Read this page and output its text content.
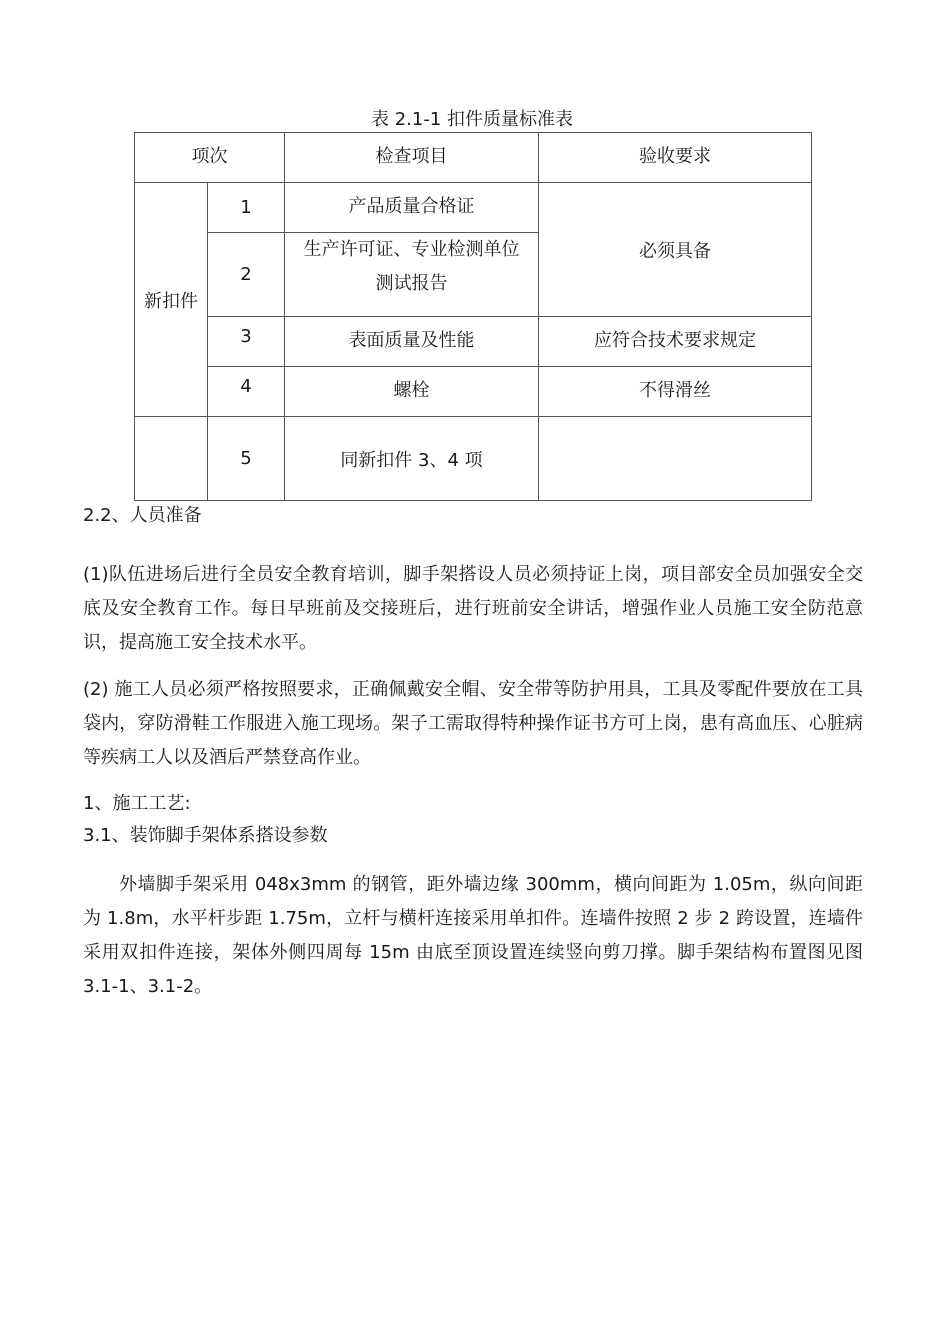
表 2.1-1 扣件质量标准表
项次		检查项目	验收要求
新扣件	1	产品质量合格证	必须具备
	2	生产许可证、专业检测单位
测试报告	

	3	表面质量及性能	应符合技术要求规定
	4	螺栓	不得滑丝
	5	同新扣件 3、4 项	
2.2、人员准备

(1)队伍进场后进行全员安全教育培训，脚手架搭设人员必须持证上岗，项目部安全员加强安全交底及安全教育工作。每日早班前及交接班后，进行班前安全讲话，增强作业人员施工安全防范意识，提高施工安全技术水平。

(2) 施工人员必须严格按照要求，正确佩戴安全帽、安全带等防护用具，工具及零配件要放在工具袋内，穿防滑鞋工作服进入施工现场。架子工需取得特种操作证书方可上岗，患有高血压、心脏病等疾病工人以及酒后严禁登高作业。

1、施工工艺:
3.1、装饰脚手架体系搭设参数

外墙脚手架采用 048x3mm 的钢管，距外墙边缘 300mm，横向间距为 1.05m，纵向间距为 1.8m，水平杆步距 1.75m，立杆与横杆连接采用单扣件。连墙件按照 2 步 2 跨设置，连墙件采用双扣件连接，架体外侧四周每 15m 由底至顶设置连续竖向剪刀撑。脚手架结构布置图见图 3.1-1、3.1-2。
